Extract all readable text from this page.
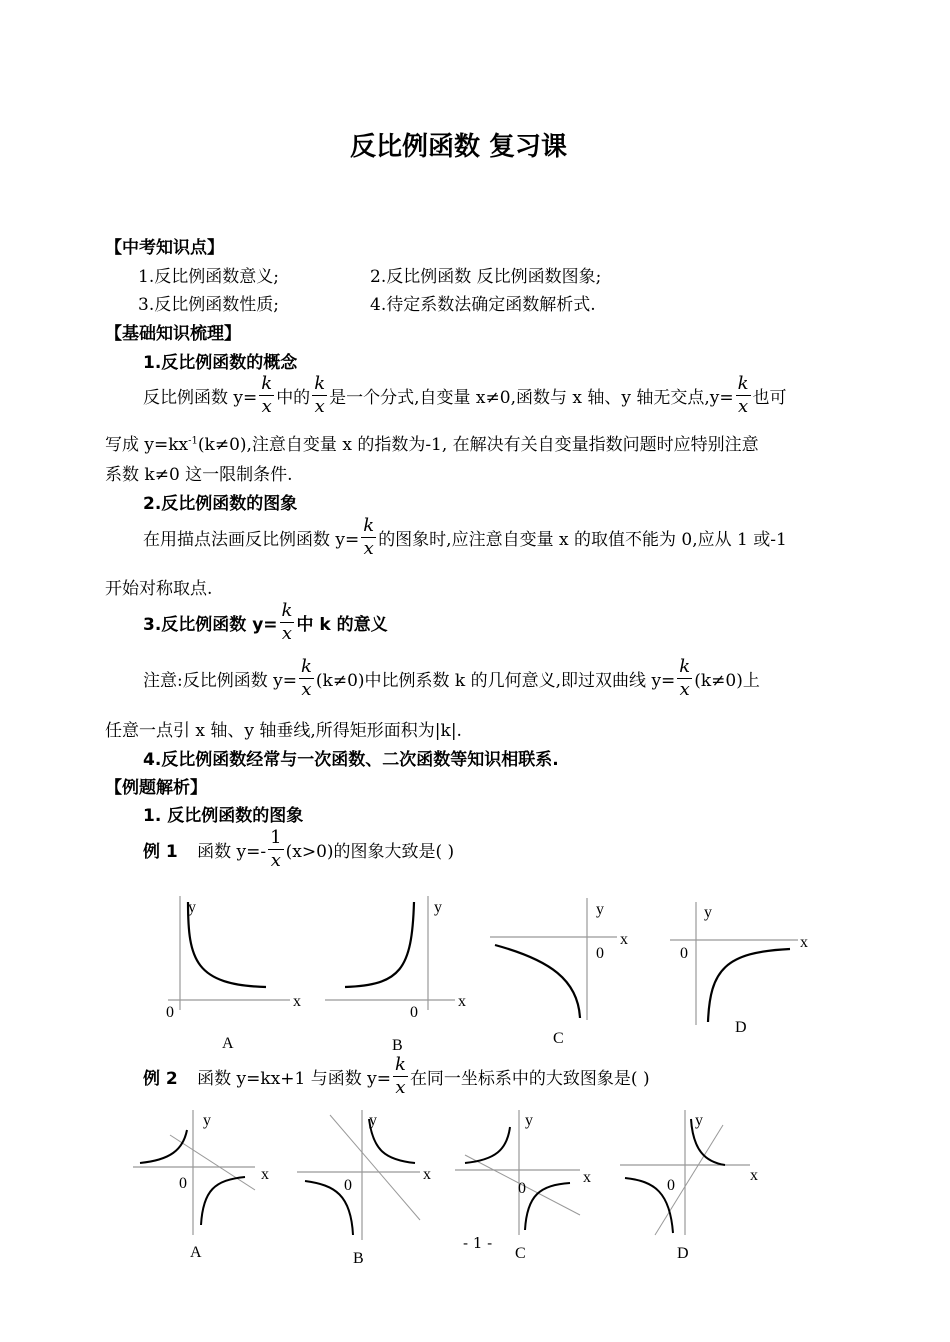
反比例函数 复习课
【中考知识点】
1.反比例函数意义;	2.反比例函数 反比例函数图象;
3.反比例函数性质;	4.待定系数法确定函数解析式.
【基础知识梳理】
1.反比例函数的概念
反比例函数 $y= \frac{k}{x}$ 中的 $\frac{k}{x}$ 是一个分式,自变量 x≠0,函数与 x 轴、y 轴无交点$,y= \frac{k}{x}$ 也可
写成 $y=kx^{-1}(k\ne 0)$,注意自变量 x 的指数为-1, 在解决有关自变量指数问题时应特别注意
系数 k≠0 这一限制条件.
2.反比例函数的图象
在用描点法画反比例函数 $y= \frac{k}{x}$ 的图象时,应注意自变量 x 的取值不能为 0,应从 1 或-1
开始对称取点.
3.反比例函数 $y= \frac{k}{x}$ 中 k 的意义
注意:反比例函数 $y= \frac{k}{x} (k\ne 0)$中比例系数 k 的几何意义,即过双曲线 $y= \frac{k}{x} (k\ne 0)$上
任意一点引 x 轴、y 轴垂线,所得矩形面积为|k|.
4.反比例函数经常与一次函数、二次函数等知识相联系.
【例题解析】
1. 反比例函数的图象
例 1 函数 $y=- \frac{1}{x} (x>0)$的图象大致是( )
y
x
0
A
y
x
0
B
y
x
0
C
y
x
0
D
例 2 函数 y=kx+1 与函数 $y= \frac{k}{x}$ 在同一坐标系中的大致图象是( )
y
x
0
A
y
x
0
B
y
x
0
C
y
x
0
D
- 1 -
